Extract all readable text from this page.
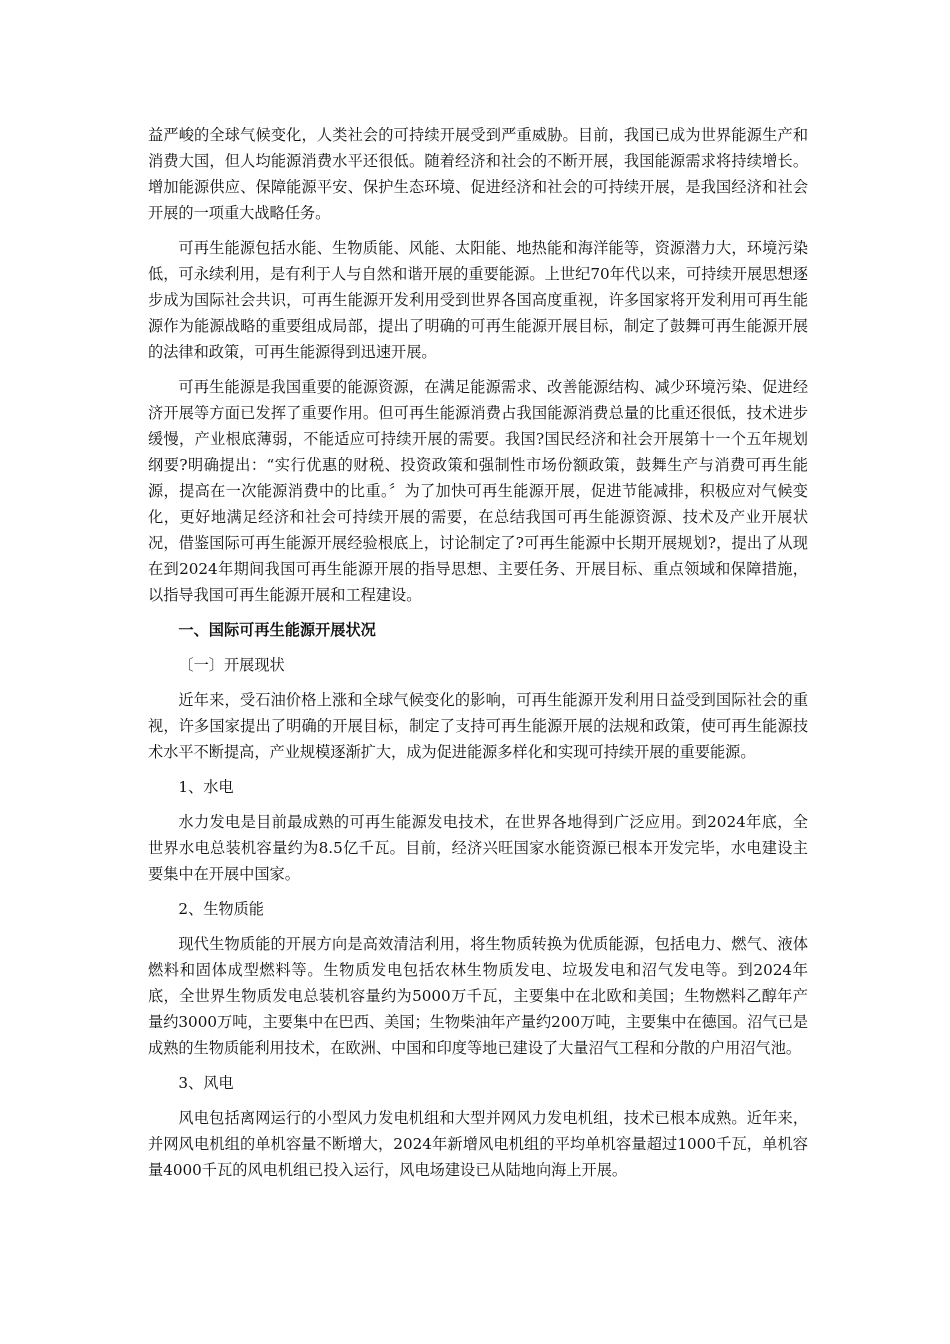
益严峻的全球气候变化，人类社会的可持续开展受到严重威胁。目前，我国已成为世界能源生产和消费大国，但人均能源消费水平还很低。随着经济和社会的不断开展，我国能源需求将持续增长。增加能源供应、保障能源平安、保护生态环境、促进经济和社会的可持续开展，是我国经济和社会开展的一项重大战略任务。

可再生能源包括水能、生物质能、风能、太阳能、地热能和海洋能等，资源潜力大，环境污染低，可永续利用，是有利于人与自然和谐开展的重要能源。上世纪70年代以来，可持续开展思想逐步成为国际社会共识，可再生能源开发利用受到世界各国高度重视，许多国家将开发利用可再生能源作为能源战略的重要组成局部，提出了明确的可再生能源开展目标，制定了鼓舞可再生能源开展的法律和政策，可再生能源得到迅速开展。

可再生能源是我国重要的能源资源，在满足能源需求、改善能源结构、减少环境污染、促进经济开展等方面已发挥了重要作用。但可再生能源消费占我国能源消费总量的比重还很低，技术进步缓慢，产业根底薄弱，不能适应可持续开展的需要。我国?国民经济和社会开展第十一个五年规划纲要?明确提出：“实行优惠的财税、投资政策和强制性市场份额政策，鼓舞生产与消费可再生能源，提高在一次能源消费中的比重。〞为了加快可再生能源开展，促进节能减排，积极应对气候变化，更好地满足经济和社会可持续开展的需要，在总结我国可再生能源资源、技术及产业开展状况，借鉴国际可再生能源开展经验根底上，讨论制定了?可再生能源中长期开展规划?，提出了从现在到2024年期间我国可再生能源开展的指导思想、主要任务、开展目标、重点领域和保障措施，以指导我国可再生能源开展和工程建设。

一、国际可再生能源开展状况

〔一〕开展现状

近年来，受石油价格上涨和全球气候变化的影响，可再生能源开发利用日益受到国际社会的重视，许多国家提出了明确的开展目标，制定了支持可再生能源开展的法规和政策，使可再生能源技术水平不断提高，产业规模逐渐扩大，成为促进能源多样化和实现可持续开展的重要能源。

1、水电

水力发电是目前最成熟的可再生能源发电技术，在世界各地得到广泛应用。到2024年底，全世界水电总装机容量约为8.5亿千瓦。目前，经济兴旺国家水能资源已根本开发完毕，水电建设主要集中在开展中国家。

2、生物质能

现代生物质能的开展方向是高效清洁利用，将生物质转换为优质能源，包括电力、燃气、液体燃料和固体成型燃料等。生物质发电包括农林生物质发电、垃圾发电和沼气发电等。到2024年底，全世界生物质发电总装机容量约为5000万千瓦，主要集中在北欧和美国；生物燃料乙醇年产量约3000万吨，主要集中在巴西、美国；生物柴油年产量约200万吨，主要集中在德国。沼气已是成熟的生物质能利用技术，在欧洲、中国和印度等地已建设了大量沼气工程和分散的户用沼气池。

3、风电

风电包括离网运行的小型风力发电机组和大型并网风力发电机组，技术已根本成熟。近年来，并网风电机组的单机容量不断增大，2024年新增风电机组的平均单机容量超过1000千瓦，单机容量4000千瓦的风电机组已投入运行，风电场建设已从陆地向海上开展。
